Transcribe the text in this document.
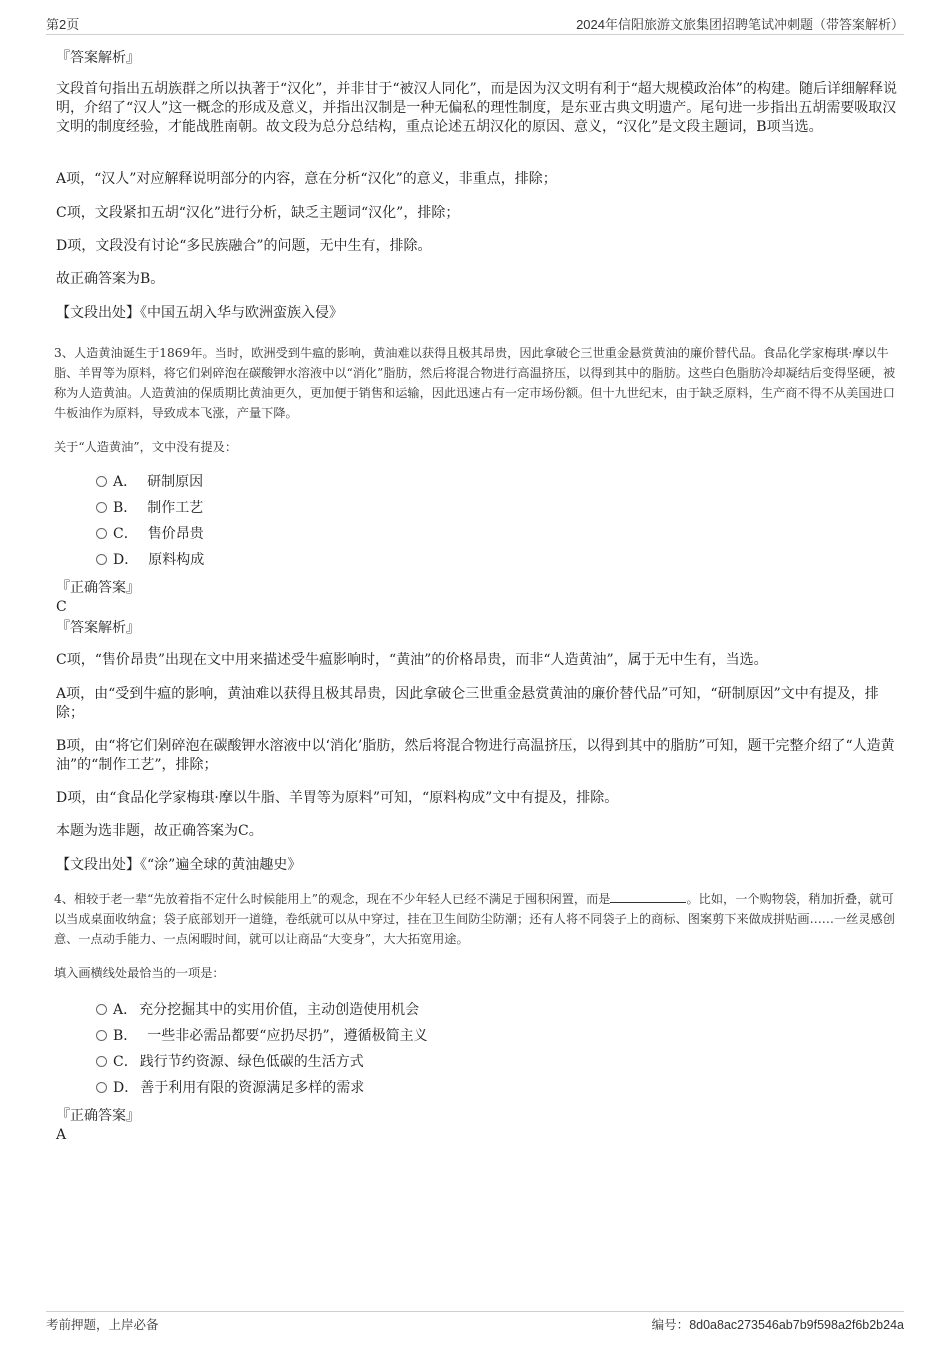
第2页	2024年信阳旅游文旅集团招聘笔试冲刺题（带答案解析）
『答案解析』

文段首句指出五胡族群之所以执著于“汉化”，并非甘于“被汉人同化”，而是因为汉文明有利于“超大规模政治体”的构建。随后详细解释说明，介绍了“汉人”这一概念的形成及意义，并指出汉制是一种无偏私的理性制度，是东亚古典文明遗产。尾句进一步指出五胡需要吸取汉文明的制度经验，才能战胜南朝。故文段为总分总结构，重点论述五胡汉化的原因、意义，“汉化”是文段主题词，B项当选。

A项，“汉人”对应解释说明部分的内容，意在分析“汉化”的意义，非重点，排除；

C项，文段紧扣五胡“汉化”进行分析，缺乏主题词“汉化”，排除；

D项，文段没有讨论“多民族融合”的问题，无中生有，排除。

故正确答案为B。

【文段出处】《中国五胡入华与欧洲蛮族入侵》

3、人造黄油诞生于1869年。当时，欧洲受到牛瘟的影响，黄油难以获得且极其昂贵，因此拿破仑三世重金悬赏黄油的廉价替代品。食品化学家梅琪·摩以牛脂、羊胃等为原料，将它们剁碎泡在碳酸钾水溶液中以“消化”脂肪，然后将混合物进行高温挤压，以得到其中的脂肪。这些白色脂肪冷却凝结后变得坚硬，被称为人造黄油。人造黄油的保质期比黄油更久，更加便于销售和运输，因此迅速占有一定市场份额。但十九世纪末，由于缺乏原料，生产商不得不从美国进口牛板油作为原料，导致成本飞涨，产量下降。

关于“人造黄油”，文中没有提及：

A． 研制原因
B． 制作工艺
C． 售价昂贵
D． 原料构成
『正确答案』
C
『答案解析』

C项，“售价昂贵”出现在文中用来描述受牛瘟影响时，“黄油”的价格昂贵，而非“人造黄油”，属于无中生有，当选。

A项，由“受到牛瘟的影响，黄油难以获得且极其昂贵，因此拿破仑三世重金悬赏黄油的廉价替代品”可知，“研制原因”文中有提及，排除；

B项，由“将它们剁碎泡在碳酸钾水溶液中以‘消化’脂肪，然后将混合物进行高温挤压，以得到其中的脂肪”可知，题干完整介绍了“人造黄油”的“制作工艺”，排除；

D项，由“食品化学家梅琪·摩以牛脂、羊胃等为原料”可知，“原料构成”文中有提及，排除。

本题为选非题，故正确答案为C。

【文段出处】《“涂”遍全球的黄油趣史》

4、相较于老一辈“先放着指不定什么时候能用上”的观念，现在不少年轻人已经不满足于囤积闲置，而是	。比如，一个购物袋，稍加折叠，就可以当成桌面收纳盒；袋子底部划开一道缝，卷纸就可以从中穿过，挂在卫生间防尘防潮；还有人将不同袋子上的商标、图案剪下来做成拼贴画……一丝灵感创意、一点动手能力、一点闲暇时间，就可以让商品“大变身”，大大拓宽用途。

填入画横线处最恰当的一项是：

A． 充分挖掘其中的实用价值，主动创造使用机会
B． 一些非必需品都要“应扔尽扔”，遵循极简主义
C． 践行节约资源、绿色低碳的生活方式
D． 善于利用有限的资源满足多样的需求
『正确答案』
A
考前押题，上岸必备	编号：8d0a8ac273546ab7b9f598a2f6b2b24a
